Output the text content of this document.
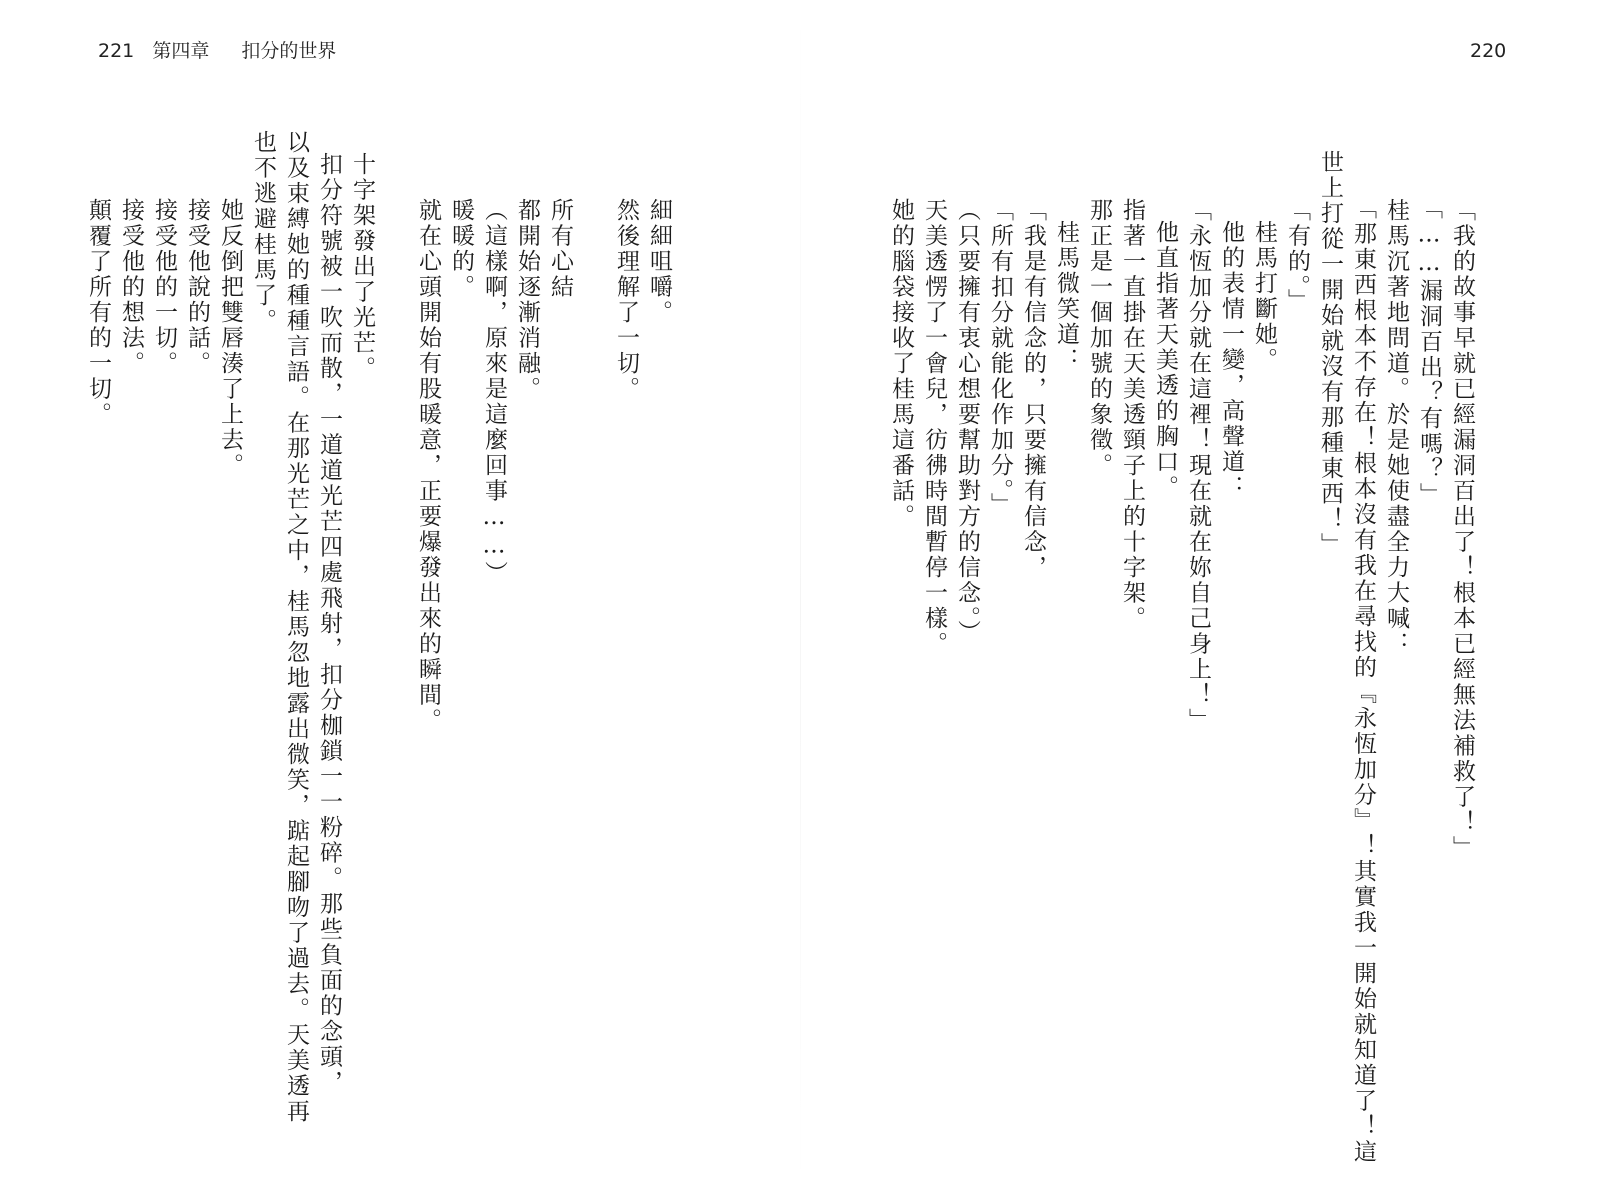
221 第四章 扣分的世界	220
「我的故事早就已經漏洞百出了！根本已經無法補救了！」
「……漏洞百出？有嗎？」
桂馬沉著地問道。於是她使盡全力大喊：
「那東西根本不存在！根本沒有我在尋找的『永恆加分』！其實我一開始就知道了！這
世上打從一開始就沒有那種東西！」
「有的。」
桂馬打斷她。
他的表情一變，高聲道：
「永恆加分就在這裡！現在就在妳自己身上！」
他直指著天美透的胸口。
指著一直掛在天美透頸子上的十字架。
那正是一個加號的象徵。
桂馬微笑道：
「我是有信念的，只要擁有信念，
「所有扣分就能化作加分。」
（只要擁有衷心想要幫助對方的信念。）
天美透愣了一會兒，彷彿時間暫停一樣。
她的腦袋接收了桂馬這番話。
細細咀嚼。
然後理解了一切。
所有心結
都開始逐漸消融。
（這樣啊，原來是這麼回事……）
暖暖的。
就在心頭開始有股暖意，正要爆發出來的瞬間。
十字架發出了光芒。
扣分符號被一吹而散，一道道光芒四處飛射，扣分枷鎖一一粉碎。那些負面的念頭，
以及束縛她的種種言語。在那光芒之中，桂馬忽地露出微笑，踮起腳吻了過去。天美透再
也不逃避桂馬了。
她反倒把雙唇湊了上去。
接受他說的話。
接受他的一切。
接受他的想法。
顛覆了所有的一切。
